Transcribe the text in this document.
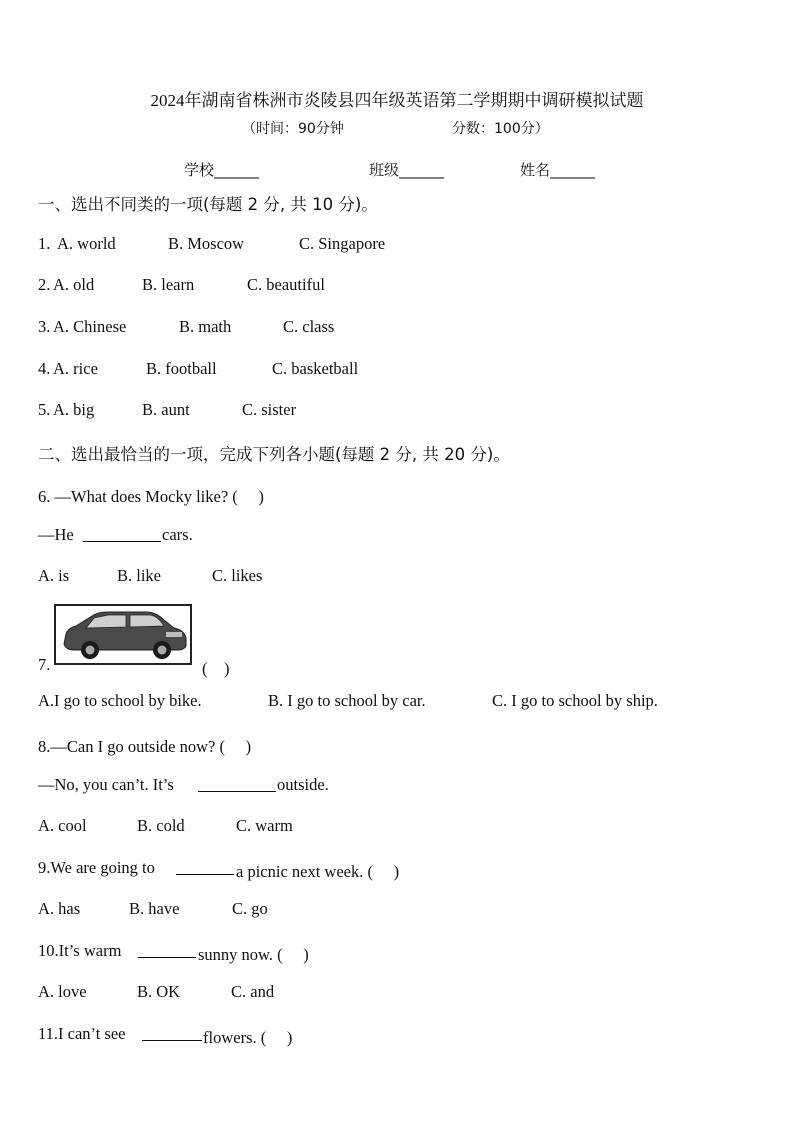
2024年湖南省株洲市炎陵县四年级英语第二学期期中调研模拟试题
（时间：90分钟	分数：100分）
学校______	班级______	姓名______
一、选出不同类的一项(每题 2 分, 共 10 分)。
1. A. world	B. Moscow	C. Singapore
2. A. old	B. learn	C. beautiful
3. A. Chinese	B. math	C. class
4. A. rice	B. football	C. basketball
5. A. big	B. aunt	C. sister
二、选出最恰当的一项，完成下列各小题(每题 2 分, 共 20 分)。
6. —What does Mocky like? (　 )
—He	cars.
A. is	B. like	C. likes
7.	(　)
A.I go to school by bike.	B. I go to school by car.	C. I go to school by ship.
8.—Can I go outside now? (　 )
—No, you can’t. It’s	outside.
A. cool	B. cold	C. warm
9.We are going to	a picnic next week. (　 )
A. has	B. have	C. go
10.It’s warm	sunny now. (　 )
A. love	B. OK	C. and
11.I can’t see	flowers. (　 )
